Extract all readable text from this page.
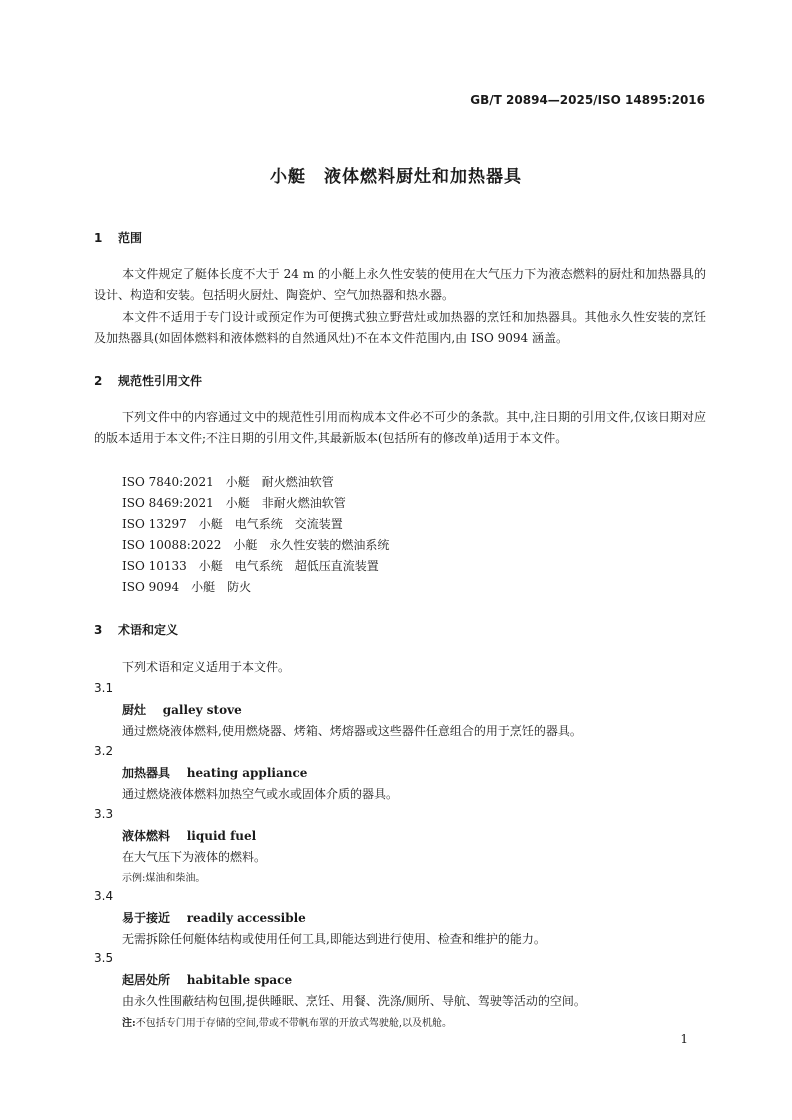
GB/T 20894—2025/ISO 14895:2016
小艇　液体燃料厨灶和加热器具
1 范围
本文件规定了艇体长度不大于 24 m 的小艇上永久性安装的使用在大气压力下为液态燃料的厨灶和加热器具的设计、构造和安装。包括明火厨灶、陶瓷炉、空气加热器和热水器。
本文件不适用于专门设计或预定作为可便携式独立野营灶或加热器的烹饪和加热器具。其他永久性安装的烹饪及加热器具(如固体燃料和液体燃料的自然通风灶)不在本文件范围内,由 ISO 9094 涵盖。
2 规范性引用文件
下列文件中的内容通过文中的规范性引用而构成本文件必不可少的条款。其中,注日期的引用文件,仅该日期对应的版本适用于本文件;不注日期的引用文件,其最新版本(包括所有的修改单)适用于本文件。
ISO 7840:2021　小艇　耐火燃油软管
ISO 8469:2021　小艇　非耐火燃油软管
ISO 13297　小艇　电气系统　交流装置
ISO 10088:2022　小艇　永久性安装的燃油系统
ISO 10133　小艇　电气系统　超低压直流装置
ISO 9094　小艇　防火
3 术语和定义
下列术语和定义适用于本文件。
3.1
厨灶 galley stove
通过燃烧液体燃料,使用燃烧器、烤箱、烤熔器或这些器件任意组合的用于烹饪的器具。
3.2
加热器具 heating appliance
通过燃烧液体燃料加热空气或水或固体介质的器具。
3.3
液体燃料 liquid fuel
在大气压下为液体的燃料。
示例:煤油和柴油。
3.4
易于接近 readily accessible
无需拆除任何艇体结构或使用任何工具,即能达到进行使用、检查和维护的能力。
3.5
起居处所 habitable space
由永久性围蔽结构包围,提供睡眠、烹饪、用餐、洗涤/厕所、导航、驾驶等活动的空间。
注:不包括专门用于存储的空间,带或不带帆布罩的开放式驾驶舱,以及机舱。
1
